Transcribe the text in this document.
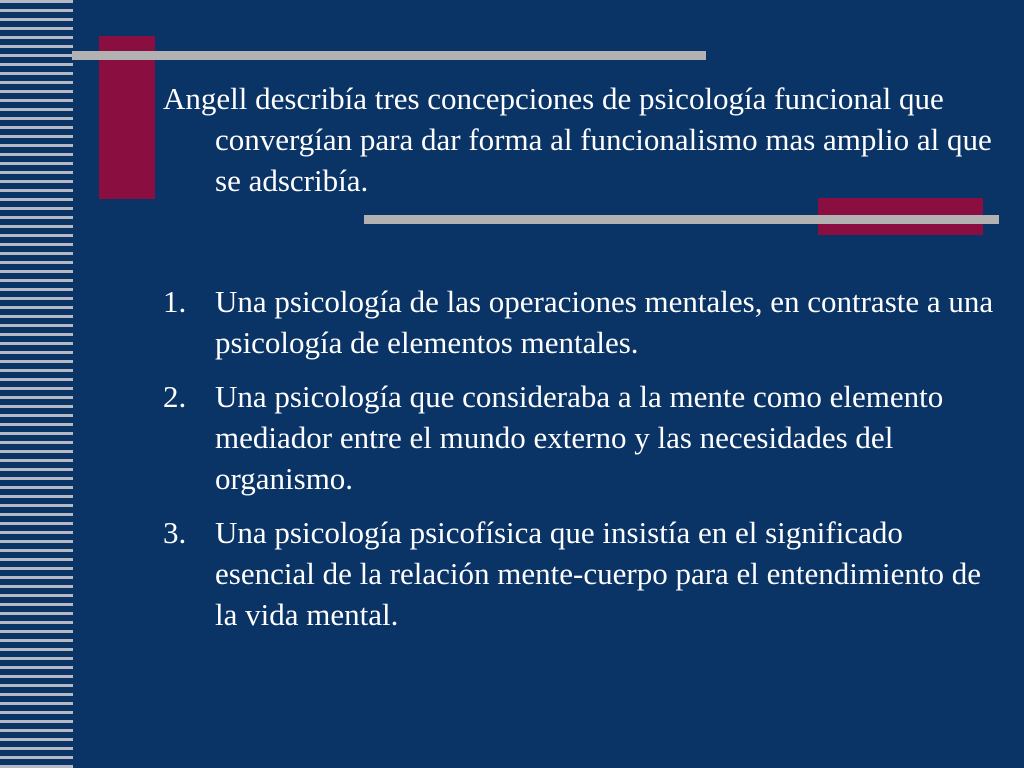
Angell describía tres concepciones de psicología funcional que convergían para dar forma al funcionalismo mas amplio al que se adscribía.

1. Una psicología de las operaciones mentales, en contraste a una psicología de elementos mentales.
2. Una psicología que consideraba a la mente como elemento mediador entre el mundo externo y las necesidades del organismo.
3. Una psicología psicofísica que insistía en el significado esencial de la relación mente-cuerpo para el entendimiento de la vida mental.
